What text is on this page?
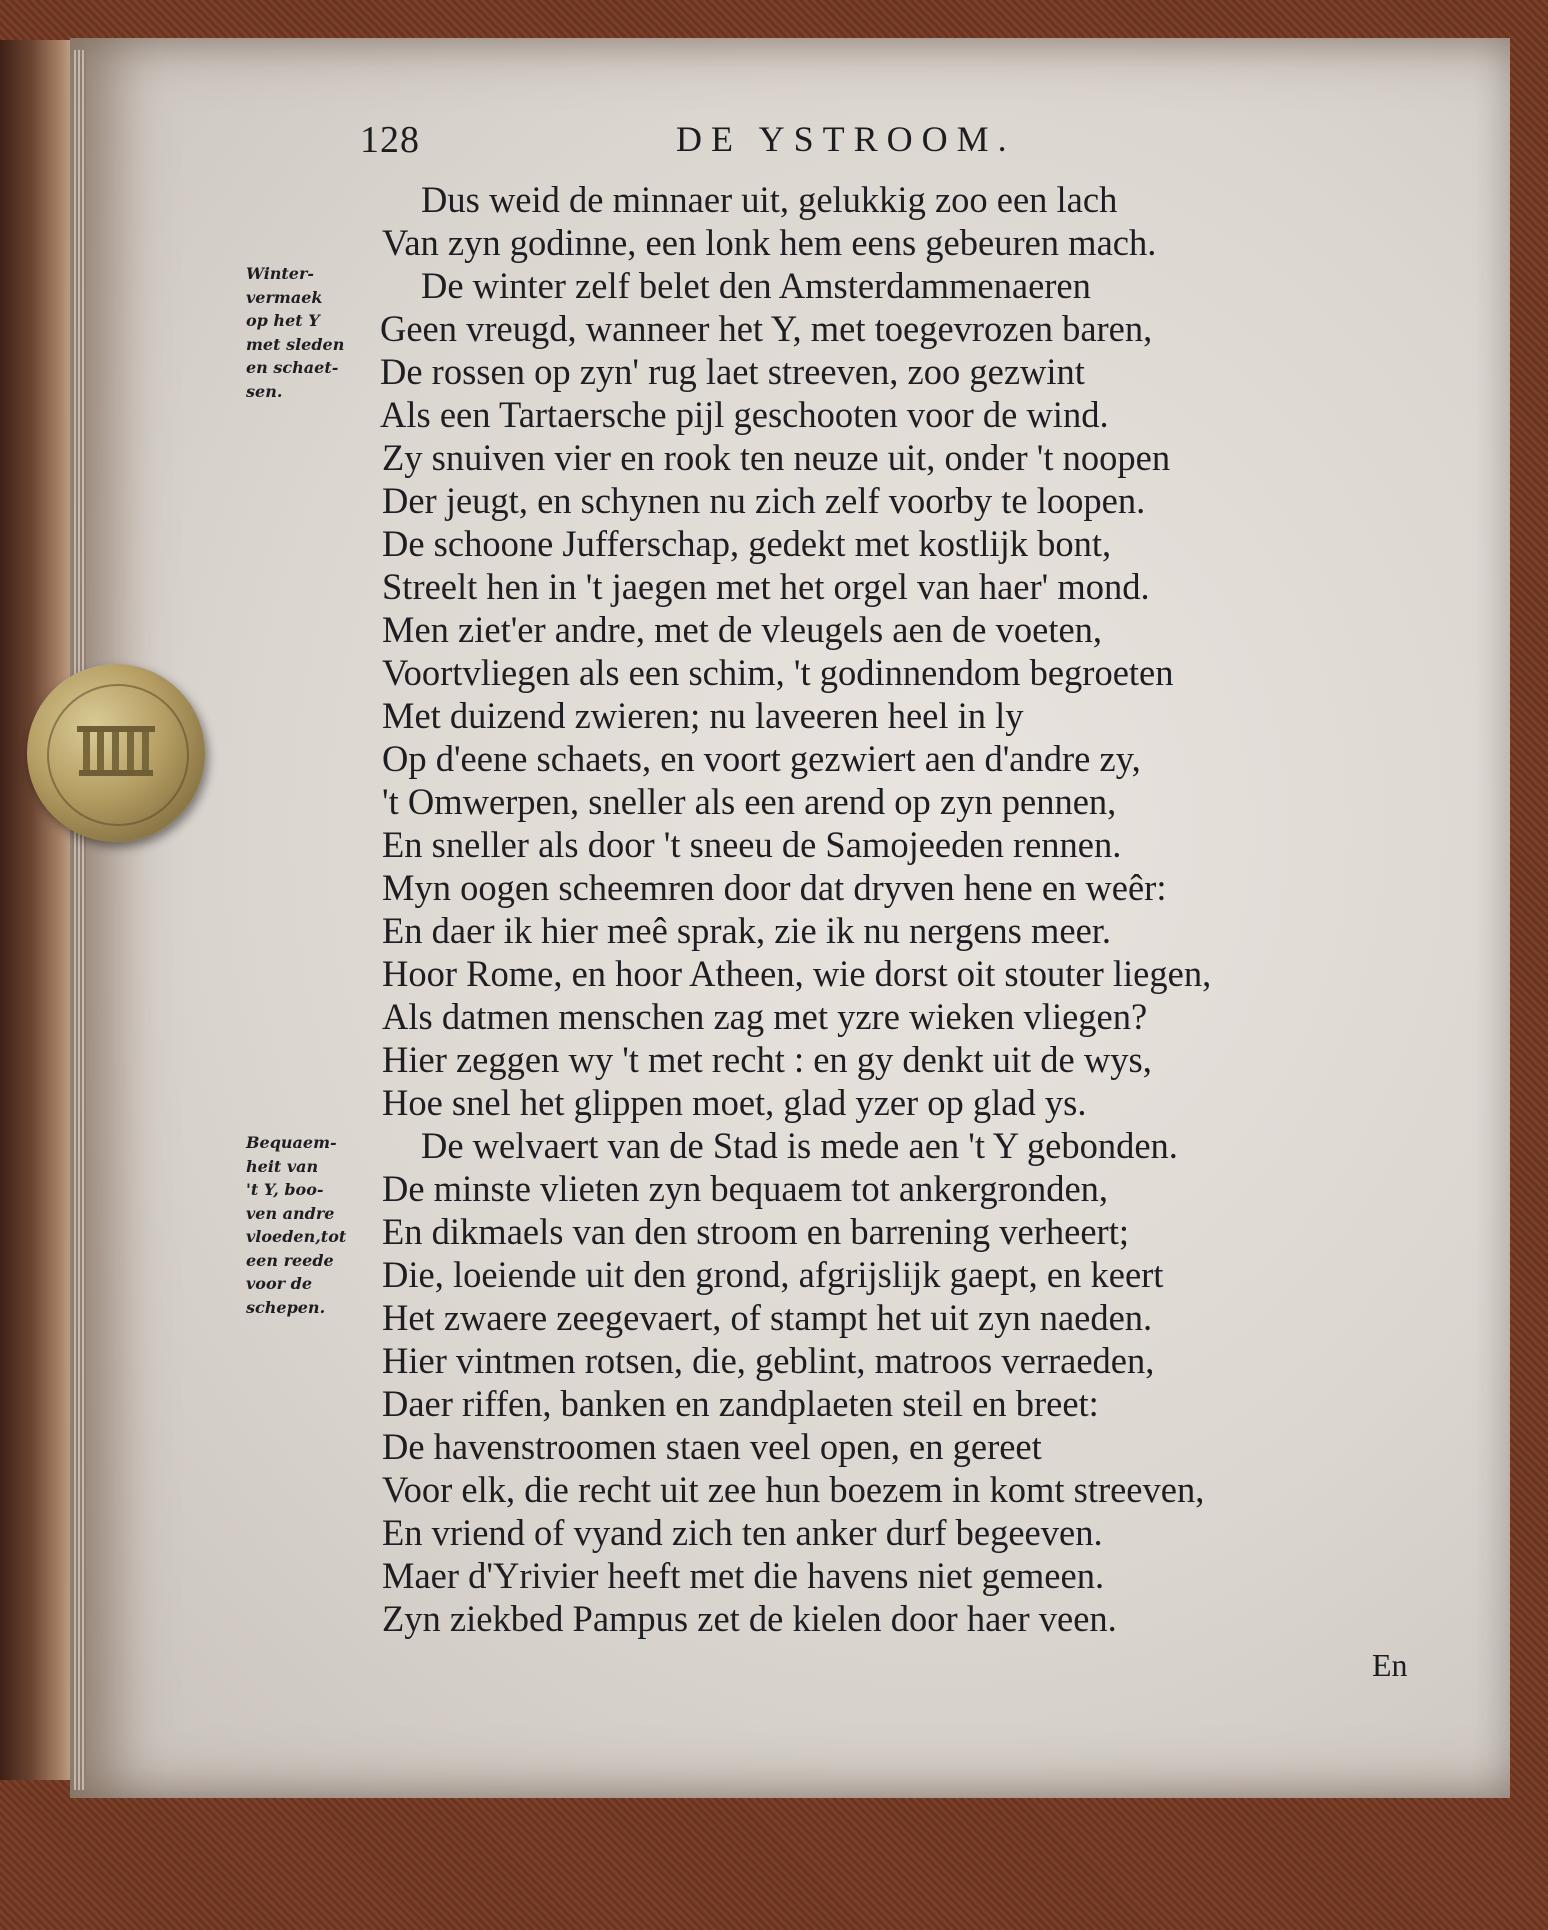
128	DE YSTROOM.
Dus weid de minnaer uit, gelukkig zoo een lach
Van zyn godinne, een lonk hem eens gebeuren mach.
De winter zelf belet den Amsterdammenaeren
Geen vreugd, wanneer het Y, met toegevrozen baren,
De rossen op zyn' rug laet streeven, zoo gezwint
Als een Tartaersche pijl geschooten voor de wind.
Zy snuiven vier en rook ten neuze uit, onder 't noopen
Der jeugt, en schynen nu zich zelf voorby te loopen.
De schoone Jufferschap, gedekt met kostlijk bont,
Streelt hen in 't jaegen met het orgel van haer' mond.
Men ziet'er andre, met de vleugels aen de voeten,
Voortvliegen als een schim, 't godinnendom begroeten
Met duizend zwieren; nu laveeren heel in ly
Op d'eene schaets, en voort gezwiert aen d'andre zy,
't Omwerpen, sneller als een arend op zyn pennen,
En sneller als door 't sneeu de Samojeeden rennen.
Myn oogen scheemren door dat dryven hene en weêr:
En daer ik hier meê sprak, zie ik nu nergens meer.
Hoor Rome, en hoor Atheen, wie dorst oit stouter liegen,
Als datmen menschen zag met yzre wieken vliegen?
Hier zeggen wy 't met recht : en gy denkt uit de wys,
Hoe snel het glippen moet, glad yzer op glad ys.
De welvaert van de Stad is mede aen 't Y gebonden.
De minste vlieten zyn bequaem tot ankergronden,
En dikmaels van den stroom en barrening verheert;
Die, loeiende uit den grond, afgrijslijk gaept, en keert
Het zwaere zeegevaert, of stampt het uit zyn naeden.
Hier vintmen rotsen, die, geblint, matroos verraeden,
Daer riffen, banken en zandplaeten steil en breet:
De havenstroomen staen veel open, en gereet
Voor elk, die recht uit zee hun boezem in komt streeven,
En vriend of vyand zich ten anker durf begeeven.
Maer d'Yrivier heeft met die havens niet gemeen.
Zyn ziekbed Pampus zet de kielen door haer veen.
Winter-
vermaek
op het Y
met sleden
en schaet-
sen.
Bequaem-
heit van
't Y, boo-
ven andre
vloeden,tot
een reede
voor de
schepen.
En
